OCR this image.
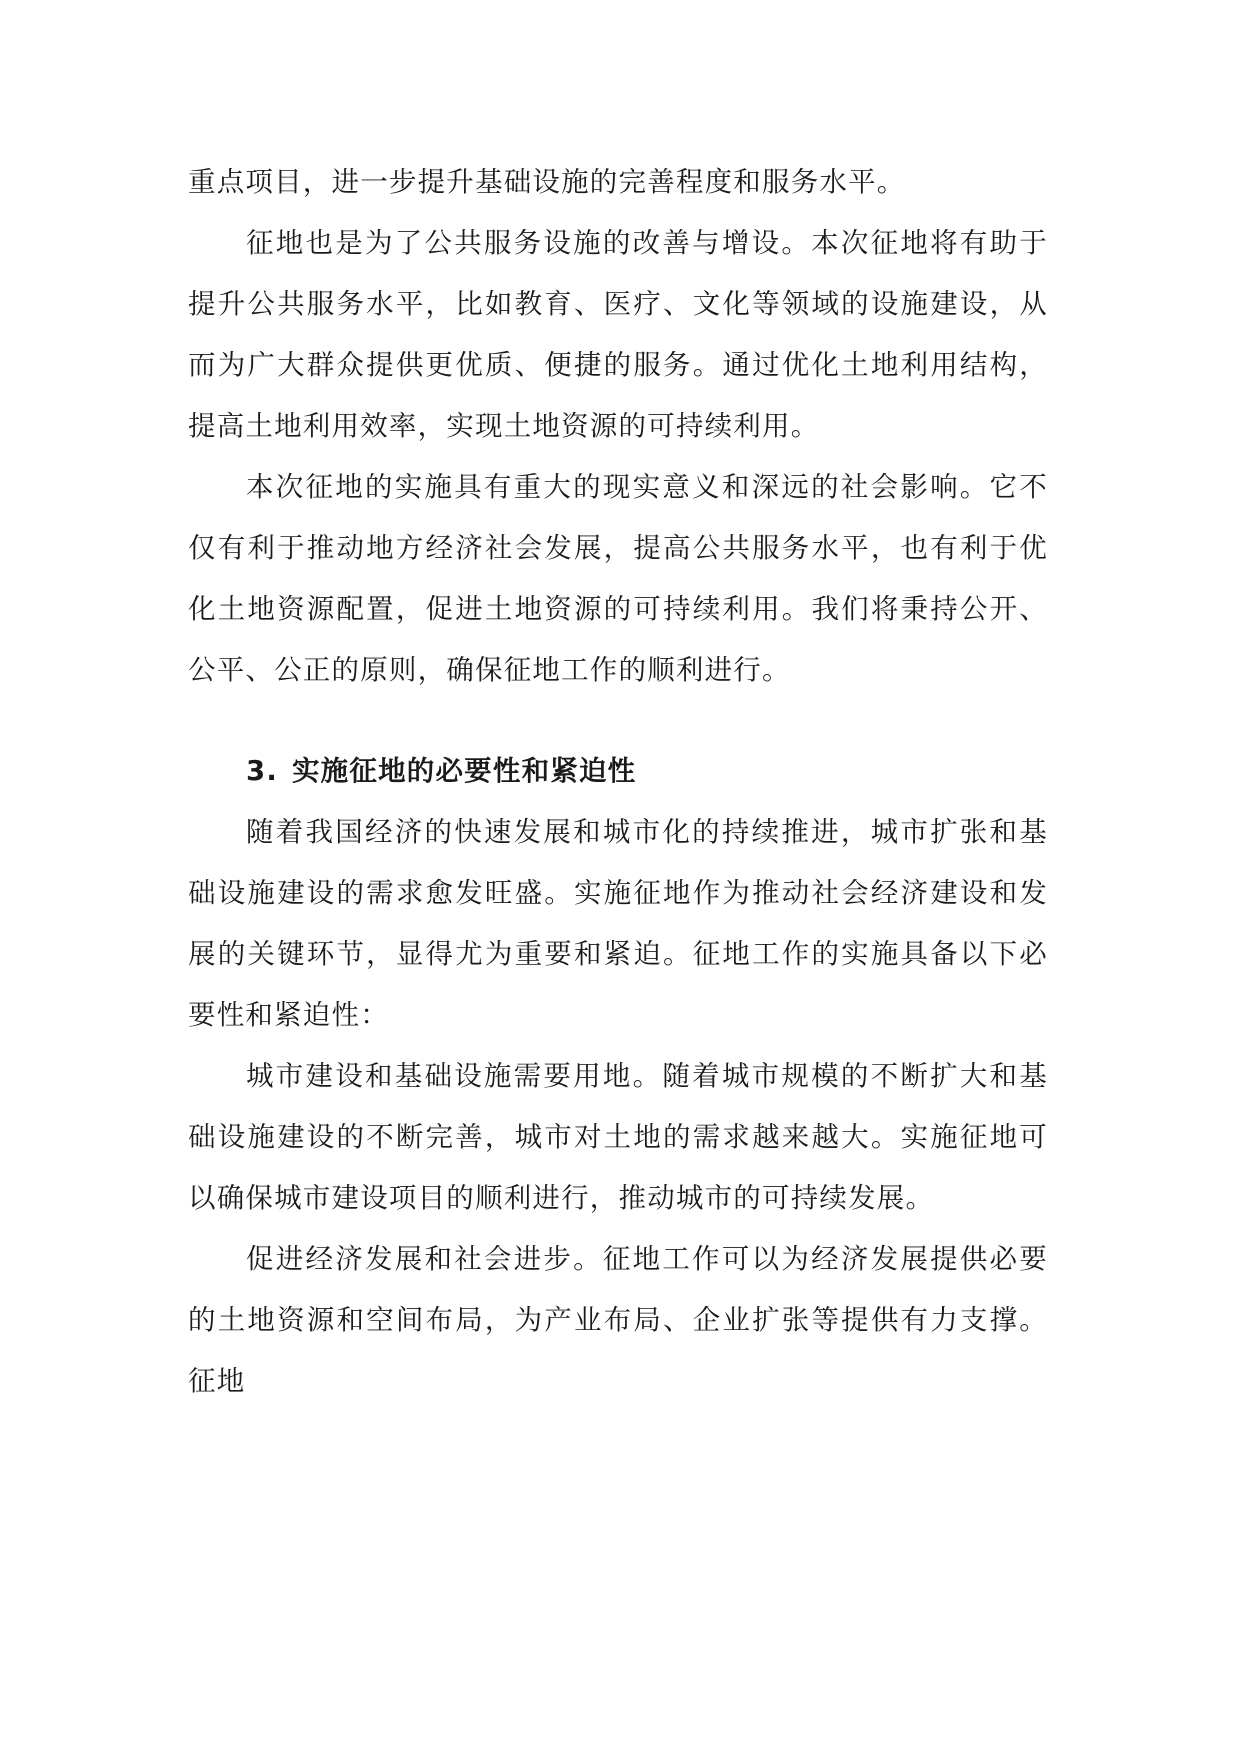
重点项目，进一步提升基础设施的完善程度和服务水平。

征地也是为了公共服务设施的改善与增设。本次征地将有助于提升公共服务水平，比如教育、医疗、文化等领域的设施建设，从而为广大群众提供更优质、便捷的服务。通过优化土地利用结构，提高土地利用效率，实现土地资源的可持续利用。

本次征地的实施具有重大的现实意义和深远的社会影响。它不仅有利于推动地方经济社会发展，提高公共服务水平，也有利于优化土地资源配置，促进土地资源的可持续利用。我们将秉持公开、公平、公正的原则，确保征地工作的顺利进行。

3. 实施征地的必要性和紧迫性

随着我国经济的快速发展和城市化的持续推进，城市扩张和基础设施建设的需求愈发旺盛。实施征地作为推动社会经济建设和发展的关键环节，显得尤为重要和紧迫。征地工作的实施具备以下必要性和紧迫性：

城市建设和基础设施需要用地。随着城市规模的不断扩大和基础设施建设的不断完善，城市对土地的需求越来越大。实施征地可以确保城市建设项目的顺利进行，推动城市的可持续发展。

促进经济发展和社会进步。征地工作可以为经济发展提供必要的土地资源和空间布局，为产业布局、企业扩张等提供有力支撑。征地
